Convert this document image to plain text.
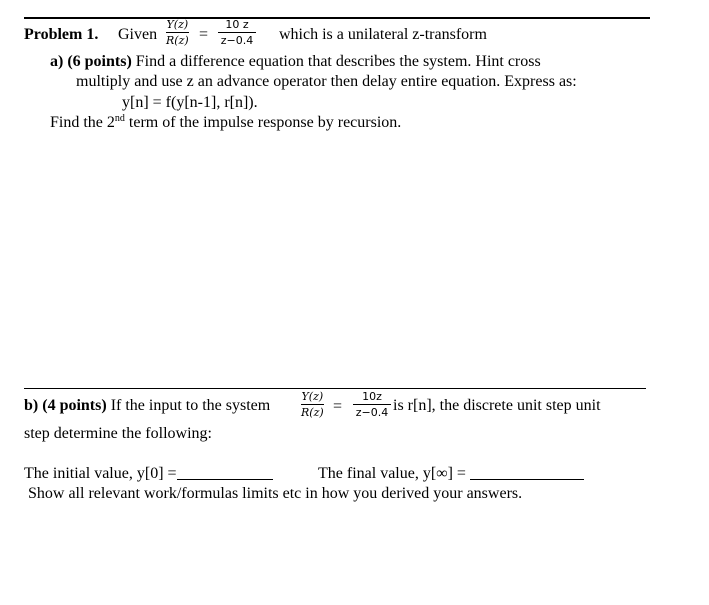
Problem 1. Given
Y(z)
R(z) =
10 z
z−0.4 which is a unilateral z-transform
a) (6 points) Find a difference equation that describes the system. Hint cross
multiply and use z an advance operator then delay entire equation. Express as:
y[n] = f(y[n-1], r[n]).
Find the 2nd term of the impulse response by recursion.
b) (4 points) If the input to the system
Y(z)
R(z) =
10z
z−0.4 is r[n], the discrete unit step unit
step determine the following:
The initial value, y[0] =	The final value, y[∞] =
Show all relevant work/formulas limits etc in how you derived your answers.
